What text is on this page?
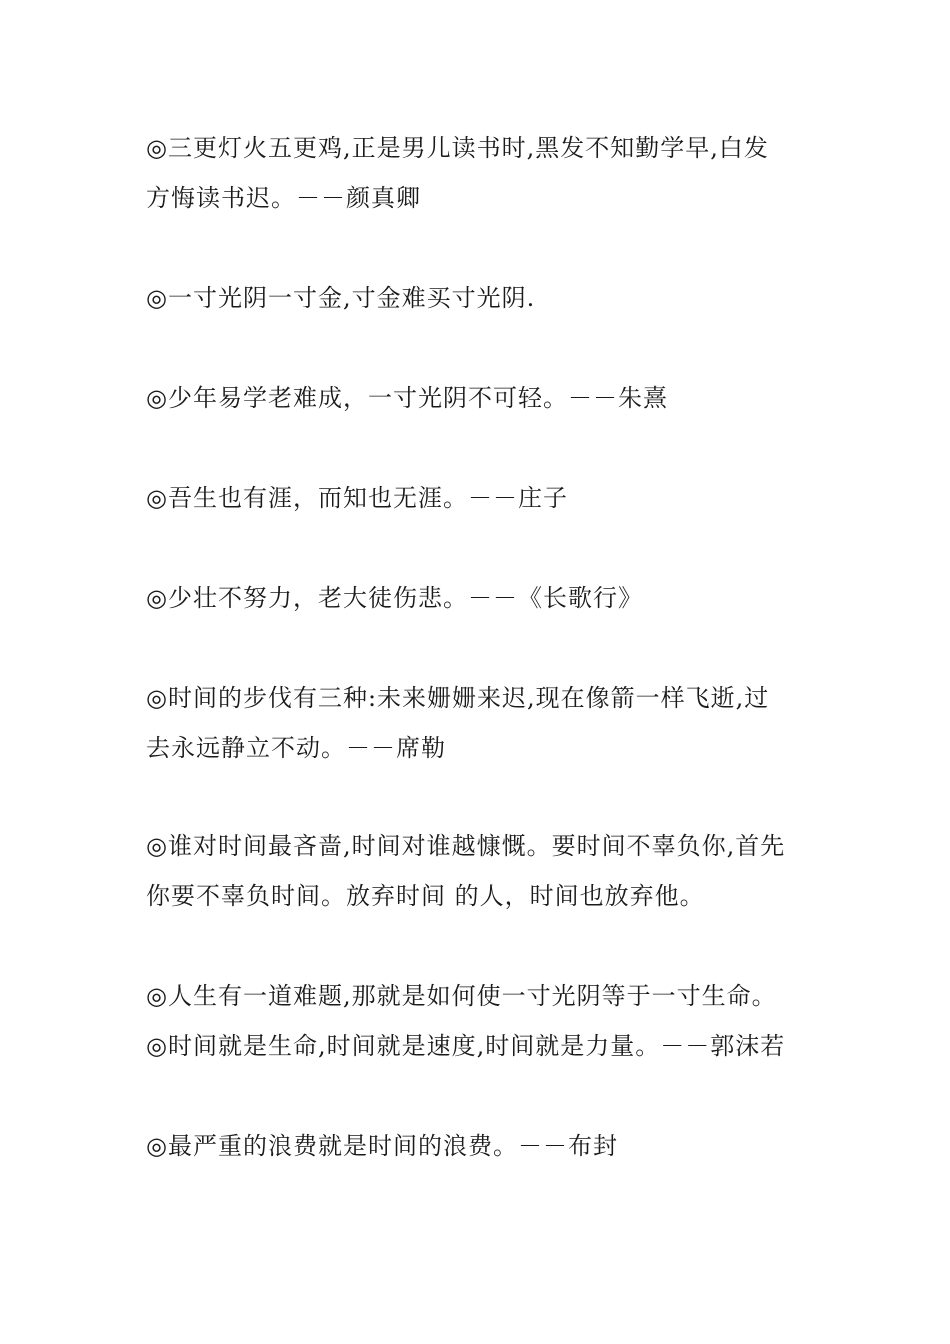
◎三更灯火五更鸡,正是男儿读书时,黑发不知勤学早,白发
方悔读书迟。－－颜真卿
◎一寸光阴一寸金,寸金难买寸光阴.
◎少年易学老难成，一寸光阴不可轻。－－朱熹
◎吾生也有涯，而知也无涯。－－庄子
◎少壮不努力，老大徒伤悲。－－《长歌行》
◎时间的步伐有三种:未来姗姗来迟,现在像箭一样飞逝,过
去永远静立不动。－－席勒
◎谁对时间最吝啬,时间对谁越慷慨。要时间不辜负你,首先
你要不辜负时间。放弃时间 的人，时间也放弃他。
◎人生有一道难题,那就是如何使一寸光阴等于一寸生命。
◎时间就是生命,时间就是速度,时间就是力量。－－郭沫若
◎最严重的浪费就是时间的浪费。－－布封
